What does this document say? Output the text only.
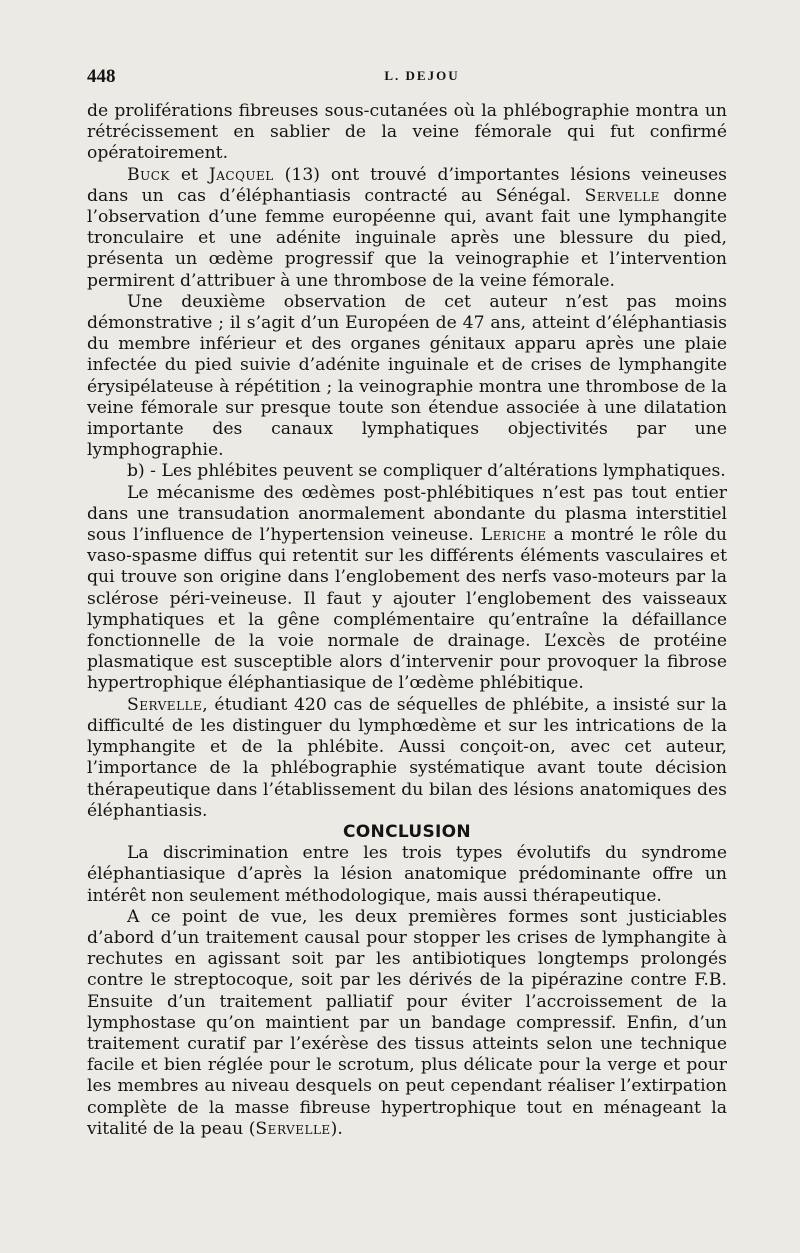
448	L. DEJOU

de proliférations fibreuses sous-cutanées où la phlébographie montra un rétrécissement en sablier de la veine fémorale qui fut confirmé opératoirement.

Buck et Jacquel (13) ont trouvé d’importantes lésions veineuses dans un cas d’éléphantiasis contracté au Sénégal. Servelle donne l’observation d’une femme européenne qui, avant fait une lymphangite tronculaire et une adénite inguinale après une blessure du pied, présenta un œdème progressif que la veinographie et l’intervention permirent d’attribuer à une thrombose de la veine fémorale.

Une deuxième observation de cet auteur n’est pas moins démonstrative ; il s’agit d’un Européen de 47 ans, atteint d’éléphantiasis du membre inférieur et des organes génitaux apparu après une plaie infectée du pied suivie d’adénite inguinale et de crises de lymphangite érysipélateuse à répétition ; la veinographie montra une thrombose de la veine fémorale sur presque toute son étendue associée à une dilatation importante des canaux lymphatiques objectivités par une lymphographie.

b) - Les phlébites peuvent se compliquer d’altérations lymphatiques.

Le mécanisme des œdèmes post-phlébitiques n’est pas tout entier dans une transudation anormalement abondante du plasma interstitiel sous l’influence de l’hypertension veineuse. Leriche a montré le rôle du vaso-spasme diffus qui retentit sur les différents éléments vasculaires et qui trouve son origine dans l’englobement des nerfs vaso-moteurs par la sclérose péri-veineuse. Il faut y ajouter l’englobement des vaisseaux lymphatiques et la gêne complémentaire qu’entraîne la défaillance fonctionnelle de la voie normale de drainage. L’excès de protéine plasmatique est susceptible alors d’intervenir pour provoquer la fibrose hypertrophique éléphantiasique de l’œdème phlébitique.

Servelle, étudiant 420 cas de séquelles de phlébite, a insisté sur la difficulté de les distinguer du lymphœdème et sur les intrications de la lymphangite et de la phlébite. Aussi conçoit-on, avec cet auteur, l’importance de la phlébographie systématique avant toute décision thérapeutique dans l’établissement du bilan des lésions anatomiques des éléphantiasis.

CONCLUSION

La discrimination entre les trois types évolutifs du syndrome éléphantiasique d’après la lésion anatomique prédominante offre un intérêt non seulement méthodologique, mais aussi thérapeutique.

A ce point de vue, les deux premières formes sont justiciables d’abord d’un traitement causal pour stopper les crises de lymphangite à rechutes en agissant soit par les antibiotiques longtemps prolongés contre le streptocoque, soit par les dérivés de la pipérazine contre F.B. Ensuite d’un traitement palliatif pour éviter l’accroissement de la lymphostase qu’on maintient par un bandage compressif. Enfin, d’un traitement curatif par l’exérèse des tissus atteints selon une technique facile et bien réglée pour le scrotum, plus délicate pour la verge et pour les membres au niveau desquels on peut cependant réaliser l’extirpation complète de la masse fibreuse hypertrophique tout en ménageant la vitalité de la peau (Servelle).
